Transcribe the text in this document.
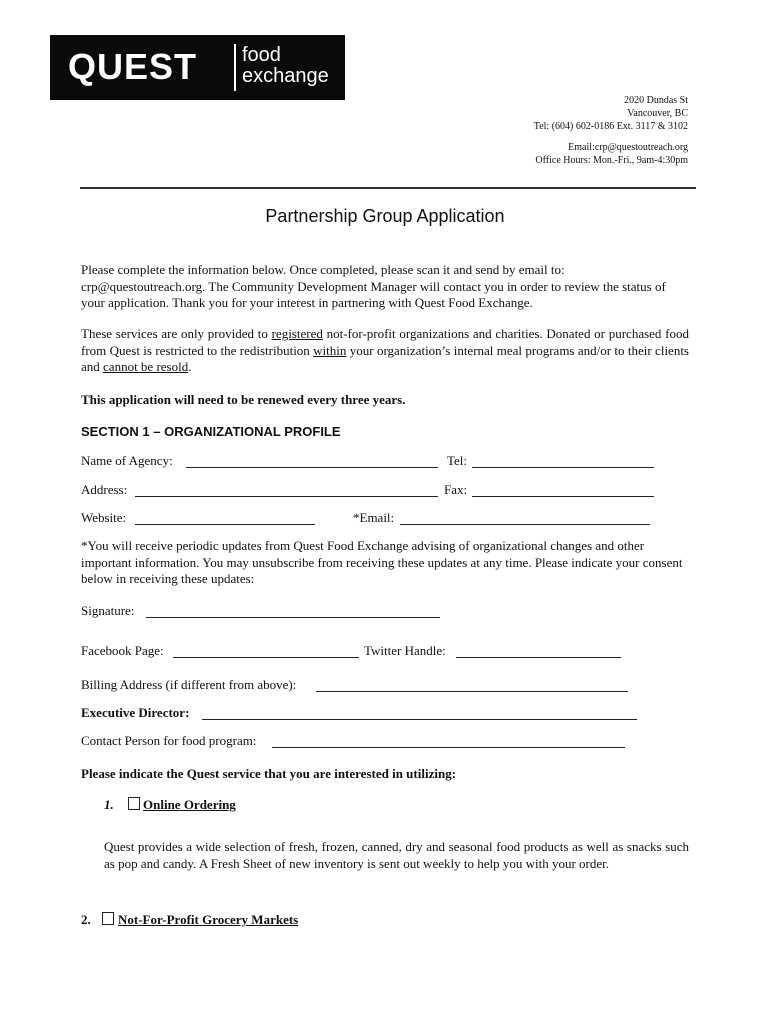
QUEST food
exchange
2020 Dundas St
Vancouver, BC
Tel: (604) 602-0186 Ext. 3117 & 3102
Email:crp@questoutreach.org
Office Hours: Mon.-Fri., 9am-4:30pm
Partnership Group Application
Please complete the information below. Once completed, please scan it and send by email to: crp@questoutreach.org. The Community Development Manager will contact you in order to review the status of your application. Thank you for your interest in partnering with Quest Food Exchange.
These services are only provided to registered not-for-profit organizations and charities. Donated or purchased food from Quest is restricted to the redistribution within your organization’s internal meal programs and/or to their clients and cannot be resold.
This application will need to be renewed every three years.
SECTION 1 – ORGANIZATIONAL PROFILE
Name of Agency:	Tel:
Address:	Fax:
Website:	*Email:
*You will receive periodic updates from Quest Food Exchange advising of organizational changes and other important information. You may unsubscribe from receiving these updates at any time. Please indicate your consent below in receiving these updates:
Signature:
Facebook Page:	Twitter Handle:
Billing Address (if different from above):
Executive Director:
Contact Person for food program:
Please indicate the Quest service that you are interested in utilizing:
1. Online Ordering
Quest provides a wide selection of fresh, frozen, canned, dry and seasonal food products as well as snacks such as pop and candy. A Fresh Sheet of new inventory is sent out weekly to help you with your order.
2. Not-For-Profit Grocery Markets
